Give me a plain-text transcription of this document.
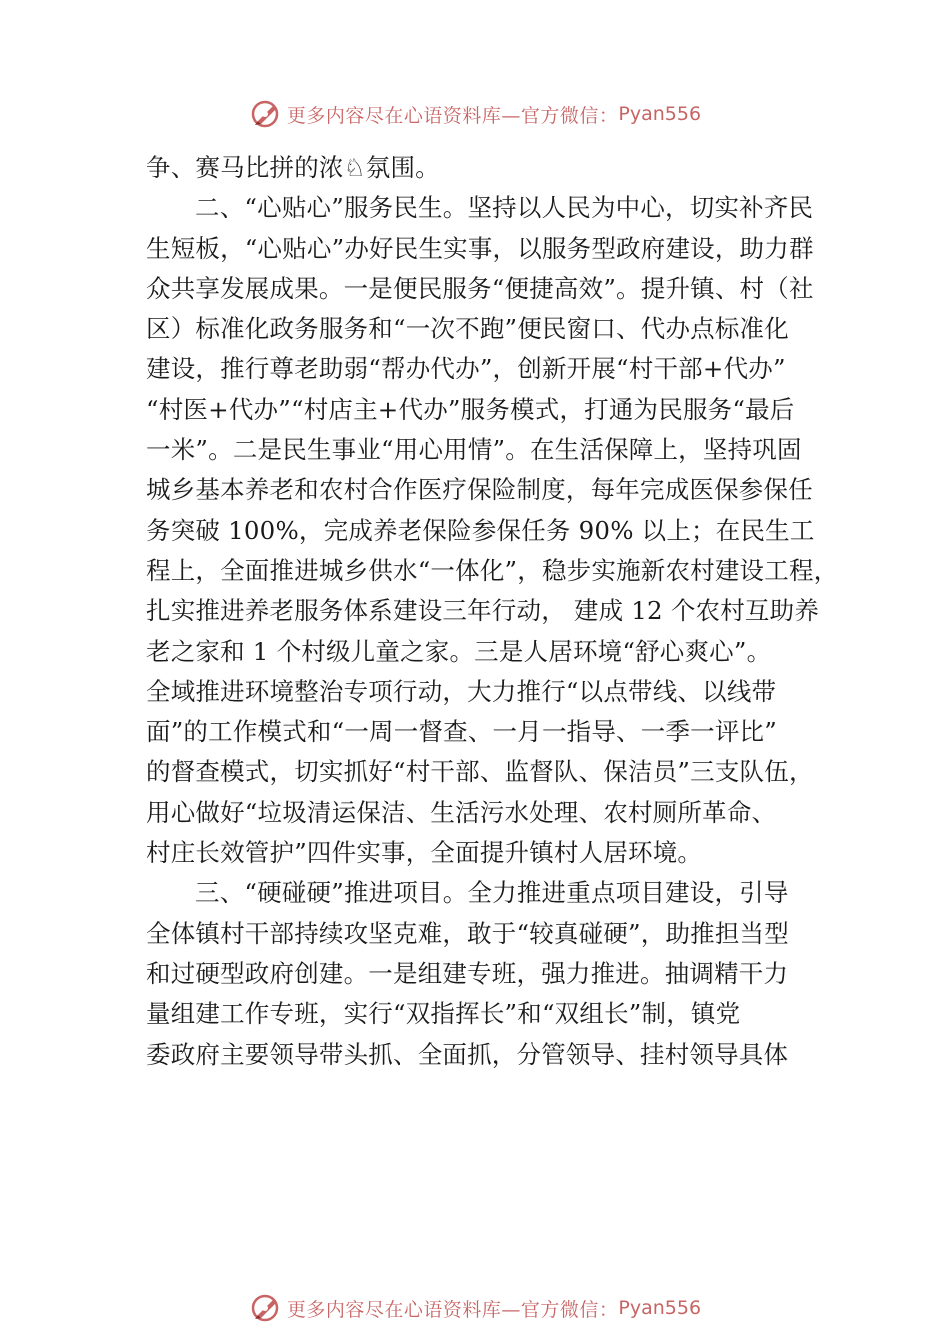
更多内容尽在心语资料库—官方微信： Pyan556
争、赛马比拼的浓♘氛围。
二、“心贴心”服务民生。坚持以人民为中心，切实补齐民
生短板，“心贴心”办好民生实事，以服务型政府建设，助力群
众共享发展成果。一是便民服务“便捷高效”。提升镇、村（社
区）标准化政务服务和“一次不跑”便民窗口、代办点标准化
建设，推行尊老助弱“帮办代办”，创新开展“村干部+代办”
“村医+代办”“村店主+代办”服务模式，打通为民服务“最后
一米”。二是民生事业“用心用情”。在生活保障上，坚持巩固
城乡基本养老和农村合作医疗保险制度，每年完成医保参保任
务突破 100%，完成养老保险参保任务 90% 以上；在民生工
程上，全面推进城乡供水“一体化”，稳步实施新农村建设工程，
扎实推进养老服务体系建设三年行动， 建成 12 个农村互助养
老之家和 1 个村级儿童之家。三是人居环境“舒心爽心”。
全域推进环境整治专项行动，大力推行“以点带线、以线带
面”的工作模式和“一周一督查、一月一指导、一季一评比”
的督查模式，切实抓好“村干部、监督队、保洁员”三支队伍，
用心做好“垃圾清运保洁、生活污水处理、农村厕所革命、
村庄长效管护”四件实事，全面提升镇村人居环境。
三、“硬碰硬”推进项目。全力推进重点项目建设，引导
全体镇村干部持续攻坚克难，敢于“较真碰硬”，助推担当型
和过硬型政府创建。一是组建专班，强力推进。抽调精干力
量组建工作专班，实行“双指挥长”和“双组长”制，镇党
委政府主要领导带头抓、全面抓，分管领导、挂村领导具体
更多内容尽在心语资料库—官方微信： Pyan556
